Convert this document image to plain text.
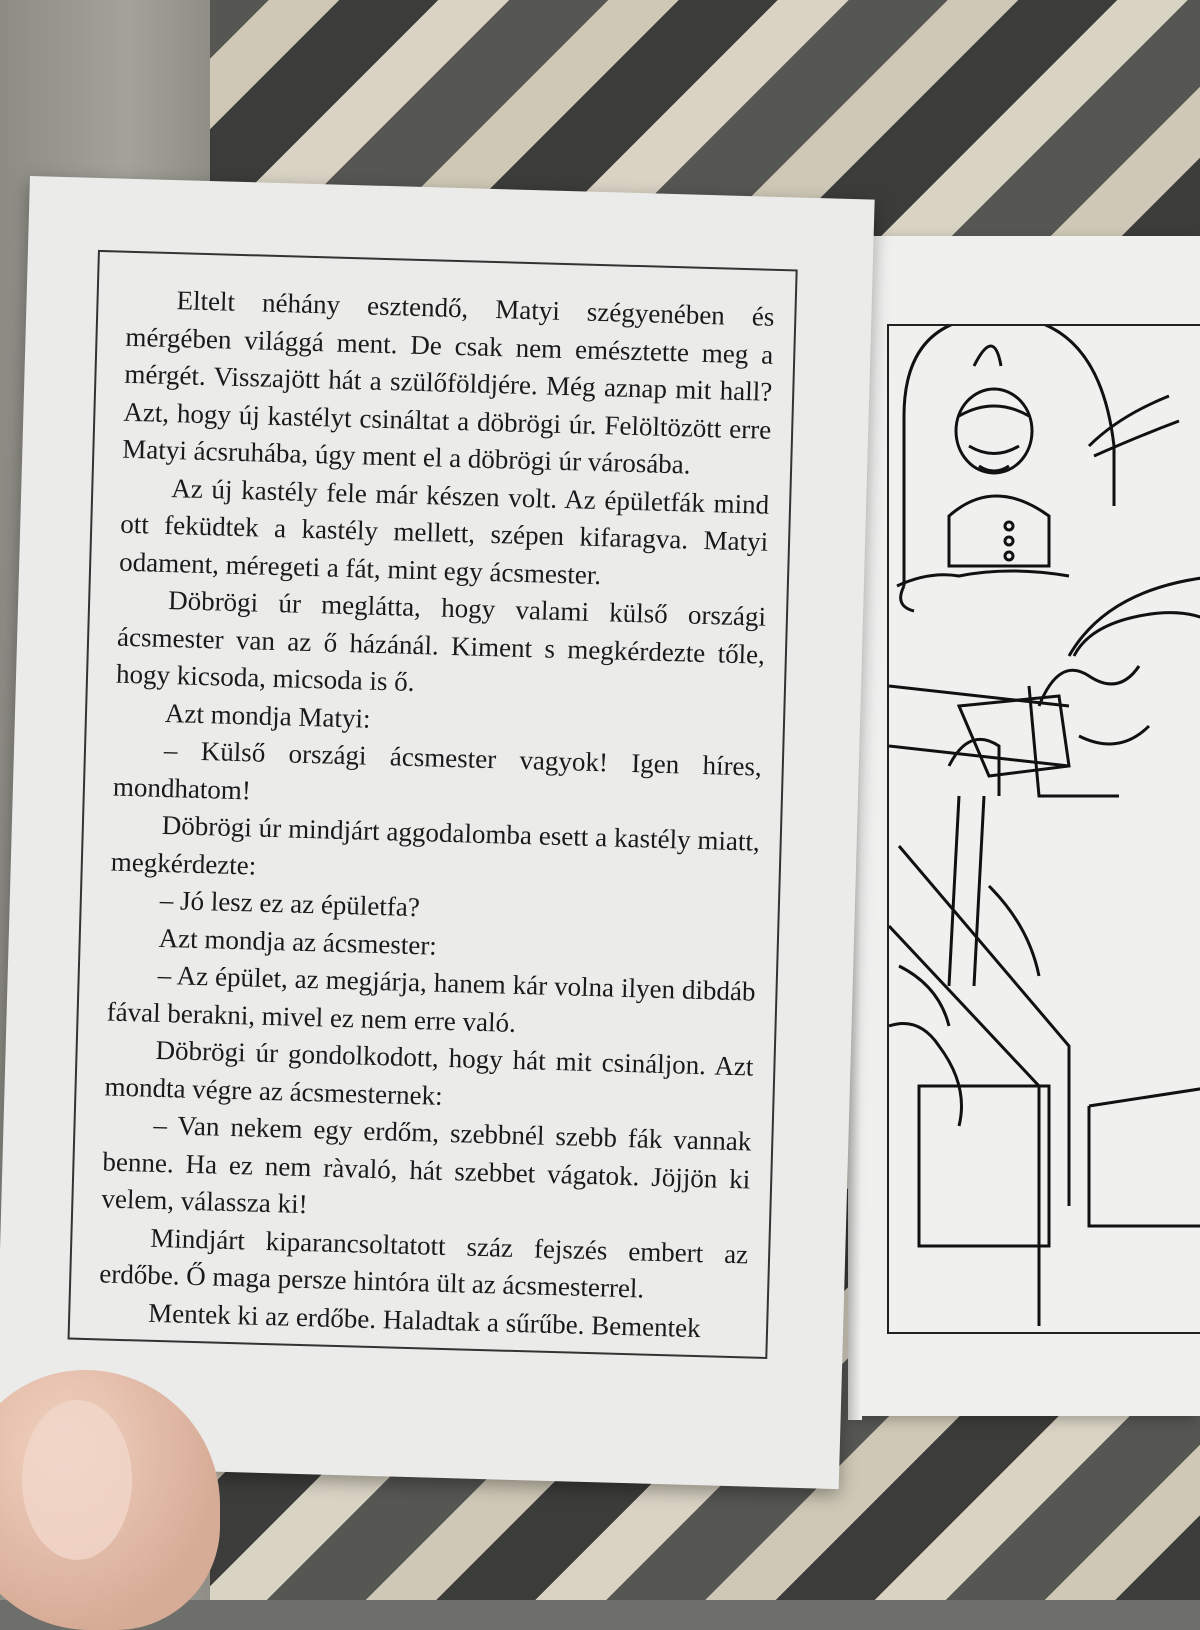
Eltelt néhány esztendő, Matyi szégyenében és mérgében világgá ment. De csak nem emésztette meg a mérgét. Visszajött hát a szülőföldjére. Még aznap mit hall? Azt, hogy új kastélyt csináltat a döbrögi úr. Felöltözött erre Matyi ácsruhába, úgy ment el a döbrögi úr városába.

Az új kastély fele már készen volt. Az épületfák mind ott feküdtek a kastély mellett, szépen kifaragva. Matyi odament, méregeti a fát, mint egy ácsmester.

Döbrögi úr meglátta, hogy valami külső országi ácsmester van az ő házánál. Kiment s megkérdezte tőle, hogy kicsoda, micsoda is ő.

Azt mondja Matyi:

– Külső országi ácsmester vagyok! Igen híres, mondhatom!

Döbrögi úr mindjárt aggodalomba esett a kastély miatt, megkérdezte:

– Jó lesz ez az épületfa?

Azt mondja az ácsmester:

– Az épület, az megjárja, hanem kár volna ilyen dibdáb fával berakni, mivel ez nem erre való.

Döbrögi úr gondolkodott, hogy hát mit csináljon. Azt mondta végre az ácsmesternek:

– Van nekem egy erdőm, szebbnél szebb fák vannak benne. Ha ez nem ràvaló, hát szebbet vágatok. Jöjjön ki velem, válassza ki!

Mindjárt kiparancsoltatott száz fejszés embert az erdőbe. Ő maga persze hintóra ült az ácsmesterrel.

Mentek ki az erdőbe. Haladtak a sűrűbe. Bementek
